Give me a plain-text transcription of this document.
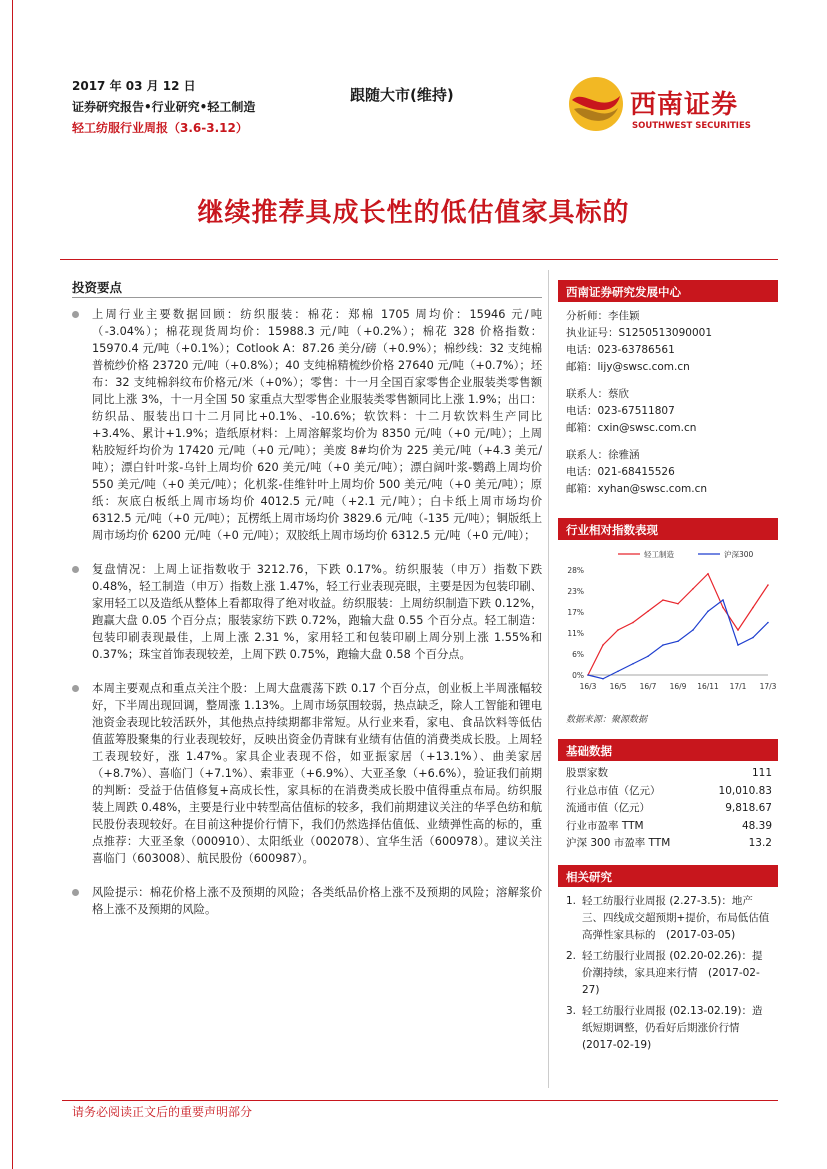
2017 年 03 月 12 日
证券研究报告•行业研究•轻工制造
轻工纺服行业周报（3.6-3.12）
跟随大市(维持)	西南证券
SOUTHWEST SECURITIES
继续推荐具成长性的低估值家具标的
投资要点
上周行业主要数据回顾：纺织服装：棉花：郑棉 1705 周均价：15946 元/吨（-3.04%）；棉花现货周均价：15988.3 元/吨（+0.2%）；棉花 328 价格指数：15970.4 元/吨（+0.1%）；Cotlook A：87.26 美分/磅（+0.9%）；棉纱线：32 支纯棉普梳纱价格 23720 元/吨（+0.8%）；40 支纯棉精梳纱价格 27640 元/吨（+0.7%）；坯布：32 支纯棉斜纹布价格元/米（+0%）；零售：十一月全国百家零售企业服装类零售额同比上涨 3%，十一月全国 50 家重点大型零售企业服装类零售额同比上涨 1.9%；出口：纺织品、服装出口十二月同比+0.1%、-10.6%；软饮料：十二月软饮料生产同比+3.4%、累计+1.9%；造纸原材料：上周溶解浆均价为 8350 元/吨（+0 元/吨）；上周粘胶短纤均价为 17420 元/吨（+0 元/吨）；美废 8#均价为 225 美元/吨（+4.3 美元/吨）；漂白针叶浆-乌针上周均价 620 美元/吨（+0 美元/吨）；漂白阔叶浆-鹦鹉上周均价 550 美元/吨（+0 美元/吨）；化机浆-佳维针叶上周均价 500 美元/吨（+0 美元/吨）；原纸：灰底白板纸上周市场均价 4012.5 元/吨（+2.1 元/吨）；白卡纸上周市场均价 6312.5 元/吨（+0 元/吨）；瓦楞纸上周市场均价 3829.6 元/吨（-135 元/吨）；铜版纸上周市场均价 6200 元/吨（+0 元/吨）；双胶纸上周市场均价 6312.5 元/吨（+0 元/吨）；
复盘情况：上周上证指数收于 3212.76，下跌 0.17%。纺织服装（申万）指数下跌 0.48%，轻工制造（申万）指数上涨 1.47%，轻工行业表现亮眼，主要是因为包装印刷、家用轻工以及造纸从整体上看都取得了绝对收益。纺织服装：上周纺织制造下跌 0.12%，跑赢大盘 0.05 个百分点；服装家纺下跌 0.72%，跑输大盘 0.55 个百分点。轻工制造：包装印刷表现最佳，上周上涨 2.31 %，家用轻工和包装印刷上周分别上涨 1.55%和 0.37%；珠宝首饰表现较差，上周下跌 0.75%，跑输大盘 0.58 个百分点。
本周主要观点和重点关注个股：上周大盘震荡下跌 0.17 个百分点，创业板上半周涨幅较好，下半周出现回调，整周涨 1.13%。上周市场氛围较弱，热点缺乏，除人工智能和锂电池资金表现比较活跃外，其他热点持续期都非常短。从行业来看，家电、食品饮料等低估值蓝筹股聚集的行业表现较好，反映出资金仍青睐有业绩有估值的消费类成长股。上周轻工表现较好，涨 1.47%。家具企业表现不俗，如亚振家居（+13.1%）、曲美家居（+8.7%）、喜临门（+7.1%）、索菲亚（+6.9%）、大亚圣象（+6.6%），验证我们前期的判断：受益于估值修复+高成长性，家具标的在消费类成长股中值得重点布局。纺织服装上周跌 0.48%，主要是行业中转型高估值标的较多，我们前期建议关注的华孚色纺和航民股份表现较好。在目前这种提价行情下，我们仍然选择估值低、业绩弹性高的标的，重点推荐：大亚圣象（000910）、太阳纸业（002078）、宜华生活（600978）。建议关注喜临门（603008）、航民股份（600987）。
风险提示：棉花价格上涨不及预期的风险；各类纸品价格上涨不及预期的风险；溶解浆价格上涨不及预期的风险。
西南证券研究发展中心
分析师：李佳颖
执业证号：S1250513090001
电话：023-63786561
邮箱：lijy@swsc.com.cn
联系人：蔡欣
电话：023-67511807
邮箱：cxin@swsc.com.cn
联系人：徐雅涵
电话：021-68415526
邮箱：xyhan@swsc.com.cn
行业相对指数表现
轻工制造	沪深300
28%
23%
17%
11%
6%
0%
16/3 16/5 16/7 16/9 16/11 17/1 17/3
数据来源：聚源数据
基础数据
股票家数	111
行业总市值（亿元）	10,010.83
流通市值（亿元）	9,818.67
行业市盈率 TTM	48.39
沪深 300 市盈率 TTM	13.2
相关研究
1. 轻工纺服行业周报 (2.27-3.5)：地产三、四线成交超预期+提价，布局低估值高弹性家具标的　(2017-03-05)
2. 轻工纺服行业周报 (02.20-02.26)：提价潮持续，家具迎来行情　(2017-02-27)
3. 轻工纺服行业周报 (02.13-02.19)：造纸短期调整，仍看好后期涨价行情　(2017-02-19)
请务必阅读正文后的重要声明部分
